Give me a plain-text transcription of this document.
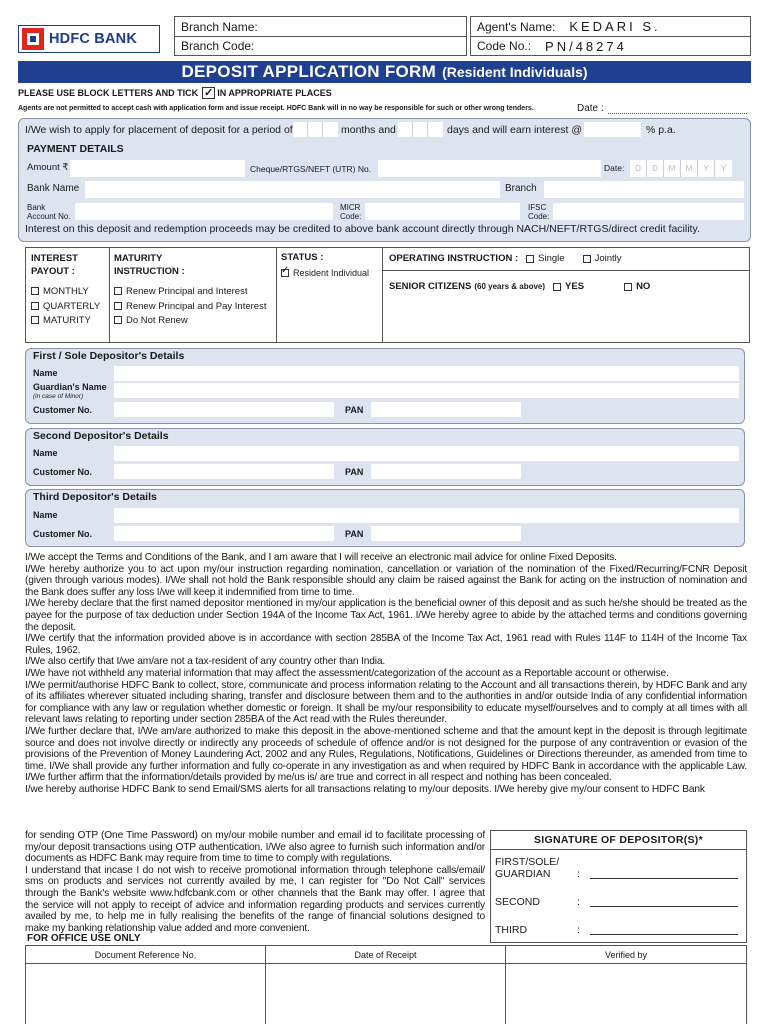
HDFC BANK
Branch Name:
Branch Code:
Agent's Name: KEDARI S.
Code No.: PN/48274
DEPOSIT APPLICATION FORM (Resident Individuals)
PLEASE USE BLOCK LETTERS AND TICK ✓ IN APPROPRIATE PLACES
Agents are not permitted to accept cash with application form and issue receipt. HDFC Bank will in no way be responsible for such or other wrong tenders.	Date :
I/We wish to apply for placement of deposit for a period of	months and	days and will earn interest @	% p.a.
PAYMENT DETAILS
Amount ₹	Cheque/RTGS/NEFT (UTR) No.	Date:	D	D	M	M	Y	Y
Bank Name	Branch
Bank
Account No.
MICR
Code:
IFSC
Code:
Interest on this deposit and redemption proceeds may be credited to above bank account directly through NACH/NEFT/RTGS/direct credit facility.
INTEREST
PAYOUT :
MONTHLY
QUARTERLY
MATURITY
MATURITY
INSTRUCTION :
Renew Principal and Interest
Renew Principal and Pay Interest
Do Not Renew
STATUS :
✓ Resident Individual
OPERATING INSTRUCTION : Single	Jointly
SENIOR CITIZENS (60 years & above) YES	NO
First / Sole Depositor's Details
Name
Guardian's Name
(in case of Minor)
Customer No.	PAN
Second Depositor's Details
Name
Customer No.	PAN
Third Depositor's Details
Name
Customer No.	PAN

I/We accept the Terms and Conditions of the Bank, and I am aware that I will receive an electronic mail advice for online Fixed Deposits.

I/We hereby authorize you to act upon my/our instruction regarding nomination, cancellation or variation of the nomination of the Fixed/Recurring/FCNR Deposit (given through various modes). I/We shall not hold the Bank responsible should any claim be raised against the Bank for acting on the instruction of nomination and the Bank does suffer any loss I/we will keep it indemnified from time to time.

I/We hereby declare that the first named depositor mentioned in my/our application is the beneficial owner of this deposit and as such he/she should be treated as the payee for the purpose of tax deduction under Section 194A of the Income Tax Act, 1961. I/We hereby agree to abide by the attached terms and conditions governing the deposit.

I/We certify that the information provided above is in accordance with section 285BA of the Income Tax Act, 1961 read with Rules 114F to 114H of the Income Tax Rules, 1962.

I/We also certify that I/we am/are not a tax-resident of any country other than India.

I/We have not withheld any material information that may affect the assessment/categorization of the account as a Reportable account or otherwise.

I/We permit/authorise HDFC Bank to collect, store, communicate and process information relating to the Account and all transactions therein, by HDFC Bank and any of its affiliates wherever situated including sharing, transfer and disclosure between them and to the authorities in and/or outside India of any confidential information for compliance with any law or regulation whether domestic or foreign. It shall be my/our responsibility to educate myself/ourselves and to comply at all times with all relevant laws relating to reporting under section 285BA of the Act read with the Rules thereunder.

I/We further declare that, I/We am/are authorized to make this deposit in the above-mentioned scheme and that the amount kept in the deposit is through legitimate source and does not involve directly or indirectly any proceeds of schedule of offence and/or is not designed for the purpose of any contravention or evasion of the provisions of the Prevention of Money Laundering Act, 2002 and any Rules, Regulations, Notifications, Guidelines or Directions thereunder, as amended from time to time. I/We shall provide any further information and fully co-operate in any investigation as and when required by HDFC Bank in accordance with the applicable Law. I/We further affirm that the information/details provided by me/us is/ are true and correct in all respect and nothing has been concealed.

I/we hereby authorise HDFC Bank to send Email/SMS alerts for all transactions relating to my/our deposits. I/We hereby give my/our consent to HDFC Bank

for sending OTP (One Time Password) on my/our mobile number and email id to facilitate processing of my/our deposit transactions using OTP authentication. I/We also agree to furnish such information and/or documents as HDFC Bank may require from time to time to comply with regulations.

I understand that incase I do not wish to receive promotional information through telephone calls/email/ sms on products and services not currently availed by me, I can register for "Do Not Call" services through the Bank's website www.hdfcbank.com or other channels that the Bank may offer. I agree that the service will not apply to receipt of advice and information regarding products and services currently availed by me, to help me in fully realising the benefits of the range of financial solutions designed to make my banking relationship value added and more convenient.

SIGNATURE OF DEPOSITOR(S)*
FIRST/SOLE/
GUARDIAN	:
SECOND	:
THIRD	:
FOR OFFICE USE ONLY
Document Reference No.	Date of Receipt	Verified by
